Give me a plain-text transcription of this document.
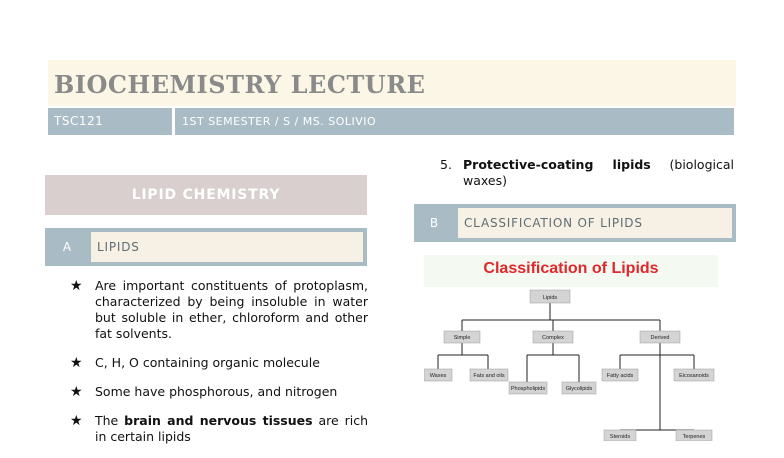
BIOCHEMISTRY LECTURE
TSC121	1ST SEMESTER / S / MS. SOLIVIO
LIPID CHEMISTRY
A	LIPIDS
★ Are important constituents of protoplasm, characterized by being insoluble in water but soluble in ether, chloroform and other fat solvents.
★ C, H, O containing organic molecule
★ Some have phosphorous, and nitrogen
★ The brain and nervous tissues are rich in certain lipids
5. Protective-coating lipids (biological waxes)
B	CLASSIFICATION OF LIPIDS
Classification of Lipids
Lipids
Simple	Complex	Derived
Waxes	Fats and oils
Phospholipids	Glycolipids
Fatty acids	Eicosanoids
Steroids	Terpenes
